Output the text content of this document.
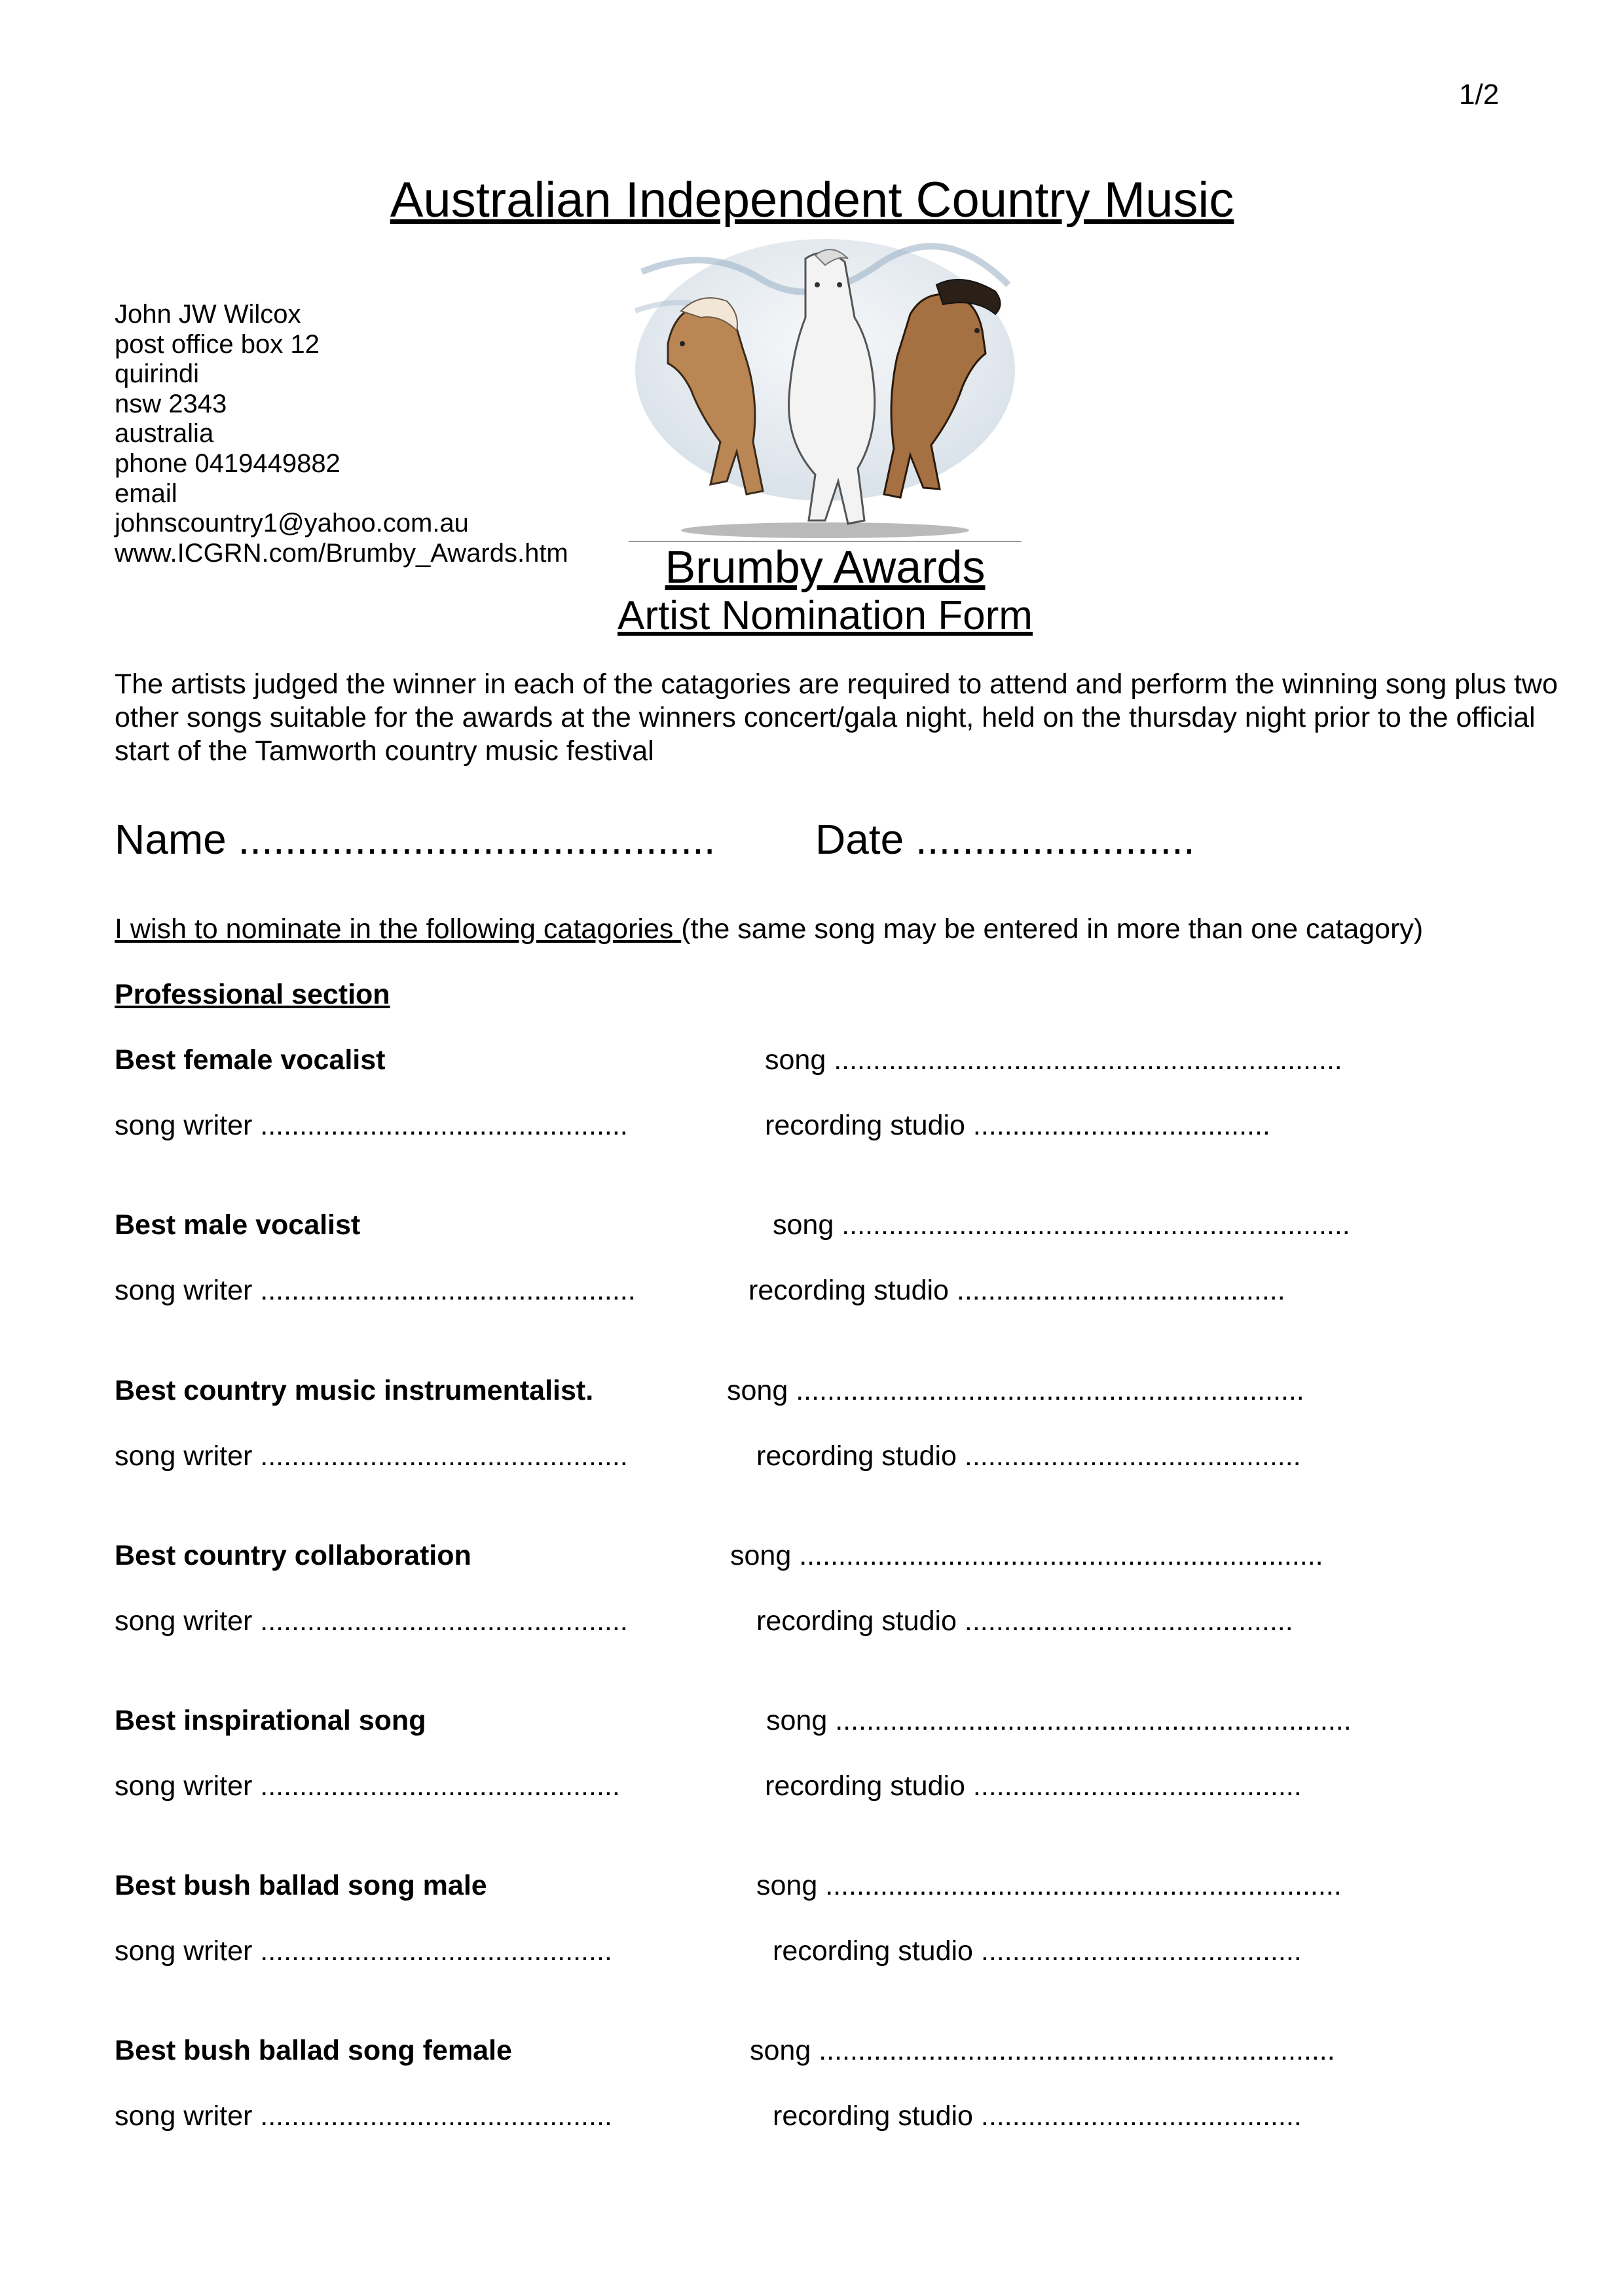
1/2
Australian Independent Country Music
John JW Wilcox
post office box 12
quirindi
nsw 2343
australia
phone 0419449882
email
johnscountry1@yahoo.com.au
www.ICGRN.com/Brumby_Awards.htm	Brumby Awards
Artist Nomination Form
The artists judged the winner in each of the catagories are required to attend and perform the winning song plus two other songs suitable for the awards at the winners concert/gala night, held on the thursday night prior to the official start of the Tamworth country music festival
Name ......................................... Date ........................
I wish to nominate in the following catagories (the same song may be entered in more than one catagory)
Professional section
Best female vocalist	song .................................................................
song writer ...............................................	recording studio ......................................
Best male vocalist	song .................................................................
song writer ................................................	recording studio ..........................................
Best country music instrumentalist.	song .................................................................
song writer ...............................................	recording studio ...........................................
Best country collaboration	song ...................................................................
song writer ...............................................	recording studio ..........................................
Best inspirational song	song ..................................................................
song writer ..............................................	recording studio ..........................................
Best bush ballad song male	song ..................................................................
song writer .............................................	recording studio .........................................
Best bush ballad song female	song ..................................................................
song writer .............................................	recording studio .........................................
